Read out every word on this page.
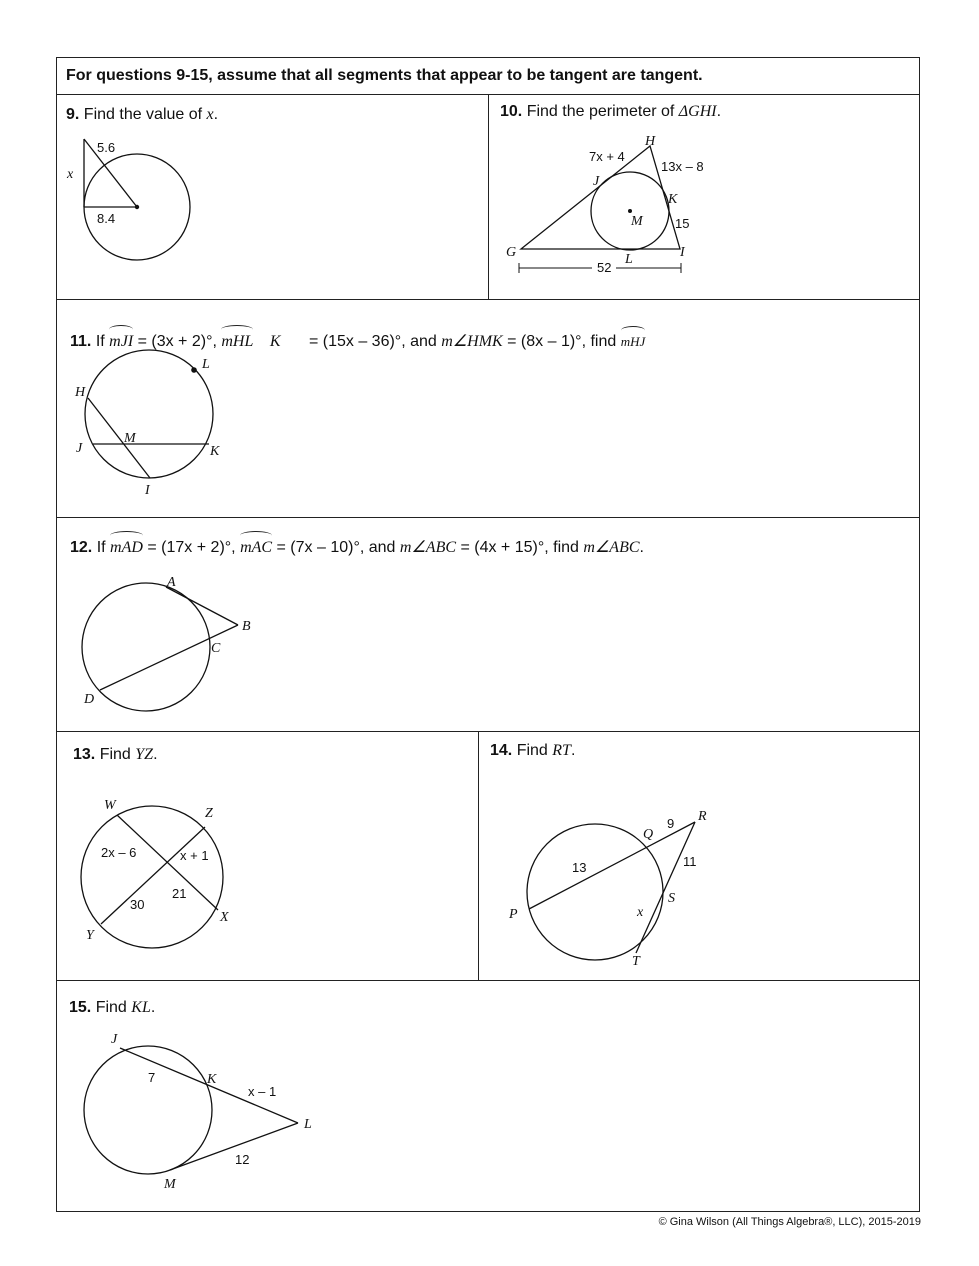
For questions 9-15, assume that all segments that appear to be tangent are tangent.
9. Find the value of x.
5.6
x
8.4
10. Find the perimeter of ΔGHI.
H
7x + 4
13x – 8
J
K
M 15
G	L	I
52
11. If mJI = (3x + 2)°, mHL K = (15x – 36)°, and m∠HMK = (8x – 1)°, find mHJ
L
H
M
J	K
I
12. If mAD = (17x + 2)°, mAC = (7x – 10)°, and m∠ABC = (4x + 15)°, find m∠ABC.
A
B
C
D
13. Find YZ.
W
Z
2x – 6	x + 1
21
30
X
Y
14. Find RT.
R
9
Q
11
13
S
x
P
T
15. Find KL.
J
7	K
x – 1
L
12
M
© Gina Wilson (All Things Algebra®, LLC), 2015-2019
